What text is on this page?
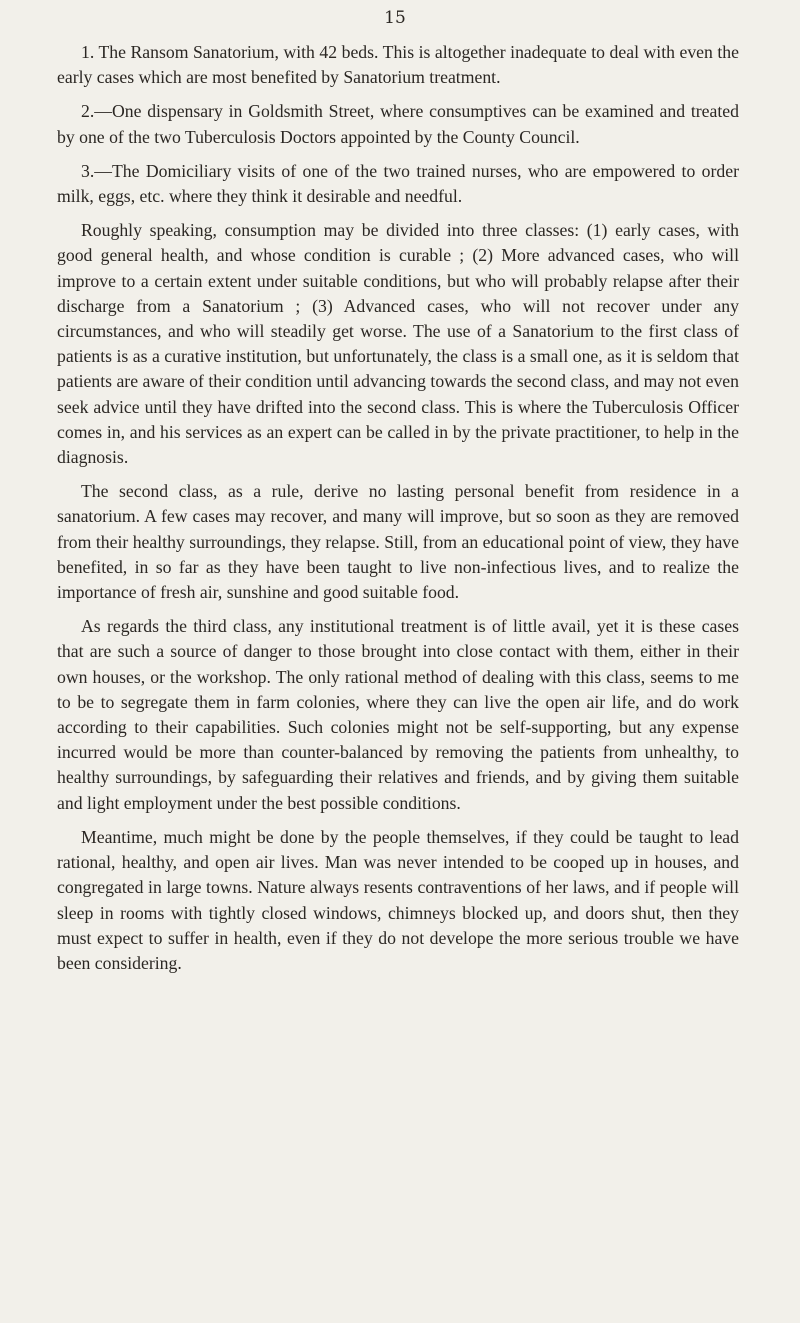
15

1. The Ransom Sanatorium, with 42 beds. This is altogether inadequate to deal with even the early cases which are most benefited by Sanatorium treatment.

2.—One dispensary in Goldsmith Street, where consumptives can be examined and treated by one of the two Tuberculosis Doctors appointed by the County Council.

3.—The Domiciliary visits of one of the two trained nurses, who are empowered to order milk, eggs, etc. where they think it desirable and needful.

Roughly speaking, consumption may be divided into three classes: (1) early cases, with good general health, and whose condition is curable ; (2) More advanced cases, who will improve to a certain extent under suitable conditions, but who will probably relapse after their discharge from a Sanatorium ; (3) Advanced cases, who will not recover under any circumstances, and who will steadily get worse. The use of a Sanatorium to the first class of patients is as a curative institution, but unfortunately, the class is a small one, as it is seldom that patients are aware of their condition until advancing towards the second class, and may not even seek advice until they have drifted into the second class. This is where the Tuberculosis Officer comes in, and his services as an expert can be called in by the private practitioner, to help in the diagnosis.

The second class, as a rule, derive no lasting personal benefit from residence in a sanatorium. A few cases may recover, and many will improve, but so soon as they are removed from their healthy surroundings, they relapse. Still, from an educational point of view, they have benefited, in so far as they have been taught to live non-infectious lives, and to realize the importance of fresh air, sunshine and good suitable food.

As regards the third class, any institutional treatment is of little avail, yet it is these cases that are such a source of danger to those brought into close contact with them, either in their own houses, or the workshop. The only rational method of dealing with this class, seems to me to be to segregate them in farm colonies, where they can live the open air life, and do work according to their capabilities. Such colonies might not be self-supporting, but any expense incurred would be more than counter-balanced by removing the patients from unhealthy, to healthy surroundings, by safeguarding their relatives and friends, and by giving them suitable and light employment under the best possible conditions.

Meantime, much might be done by the people themselves, if they could be taught to lead rational, healthy, and open air lives. Man was never intended to be cooped up in houses, and congregated in large towns. Nature always resents contraventions of her laws, and if people will sleep in rooms with tightly closed windows, chimneys blocked up, and doors shut, then they must expect to suffer in health, even if they do not develope the more serious trouble we have been considering.
